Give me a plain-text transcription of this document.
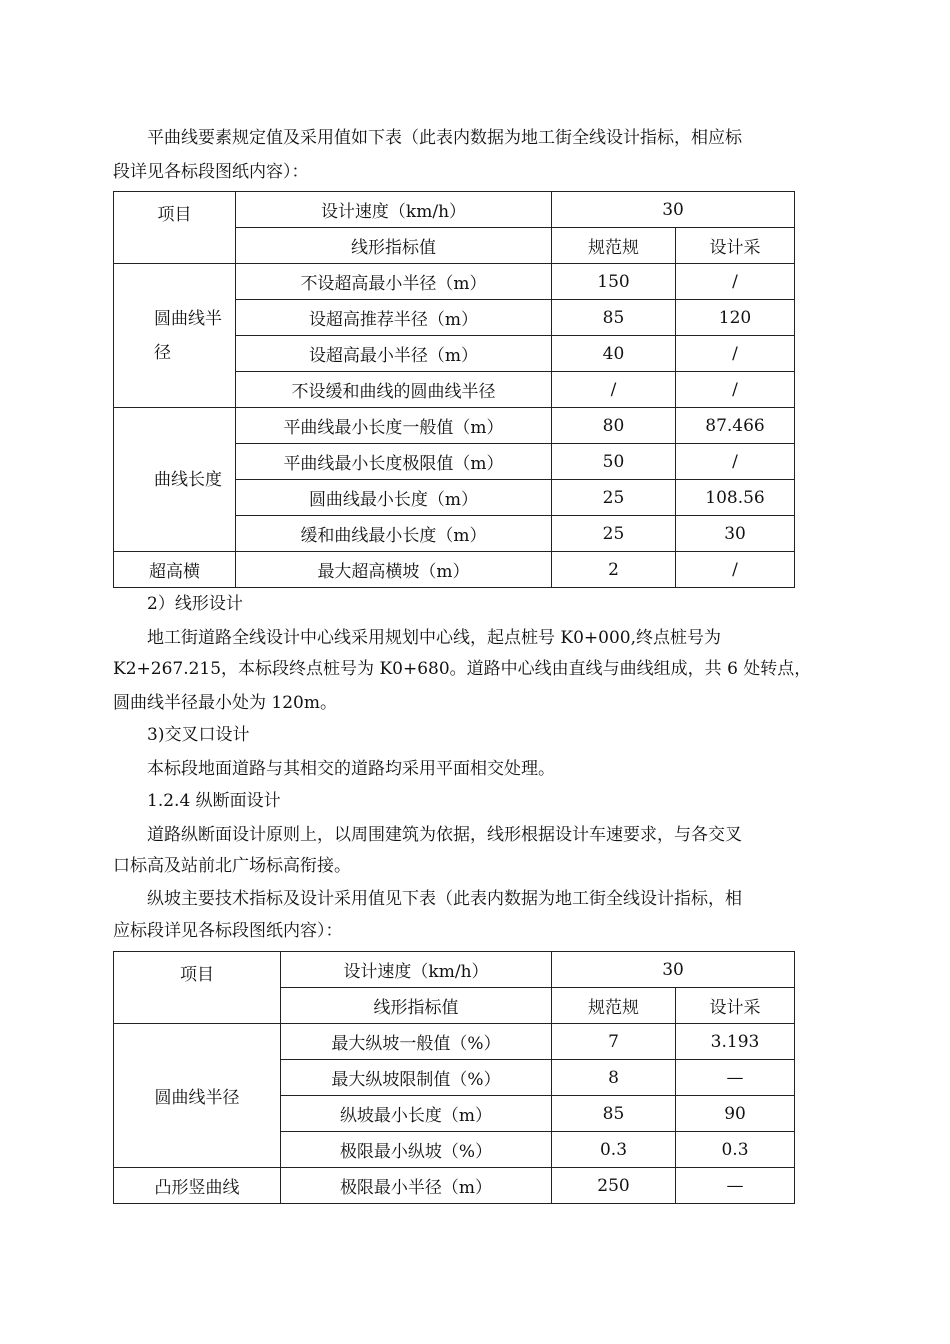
平曲线要素规定值及采用值如下表（此表内数据为地工街全线设计指标，相应标
段详见各标段图纸内容）：
项目	设计速度（km/h）	30	
	线形指标值	规范规	设计采
圆曲线半径	不设超高最小半径（m）	150	/
	设超高推荐半径（m）	85	120
	设超高最小半径（m）	40	/
	不设缓和曲线的圆曲线半径	/	/
曲线长度	平曲线最小长度一般值（m）	80	87.466
	平曲线最小长度极限值（m）	50	/
	圆曲线最小长度（m）	25	108.56
	缓和曲线最小长度（m）	25	30
超高横	最大超高横坡（m）	2	/
2）线形设计
地工街道路全线设计中心线采用规划中心线，起点桩号 K0+000,终点桩号为
K2+267.215，本标段终点桩号为 K0+680。道路中心线由直线与曲线组成，共 6 处转点，
圆曲线半径最小处为 120m。
3)交叉口设计
本标段地面道路与其相交的道路均采用平面相交处理。
1.2.4 纵断面设计
道路纵断面设计原则上，以周围建筑为依据，线形根据设计车速要求，与各交叉
口标高及站前北广场标高衔接。
纵坡主要技术指标及设计采用值见下表（此表内数据为地工街全线设计指标，相
应标段详见各标段图纸内容）：
项目	设计速度（km/h）	30	
	线形指标值	规范规	设计采
圆曲线半径	最大纵坡一般值（%）	7	3.193
	最大纵坡限制值（%）	8	—
	纵坡最小长度（m）	85	90
	极限最小纵坡（%）	0.3	0.3
凸形竖曲线	极限最小半径（m）	250	—
